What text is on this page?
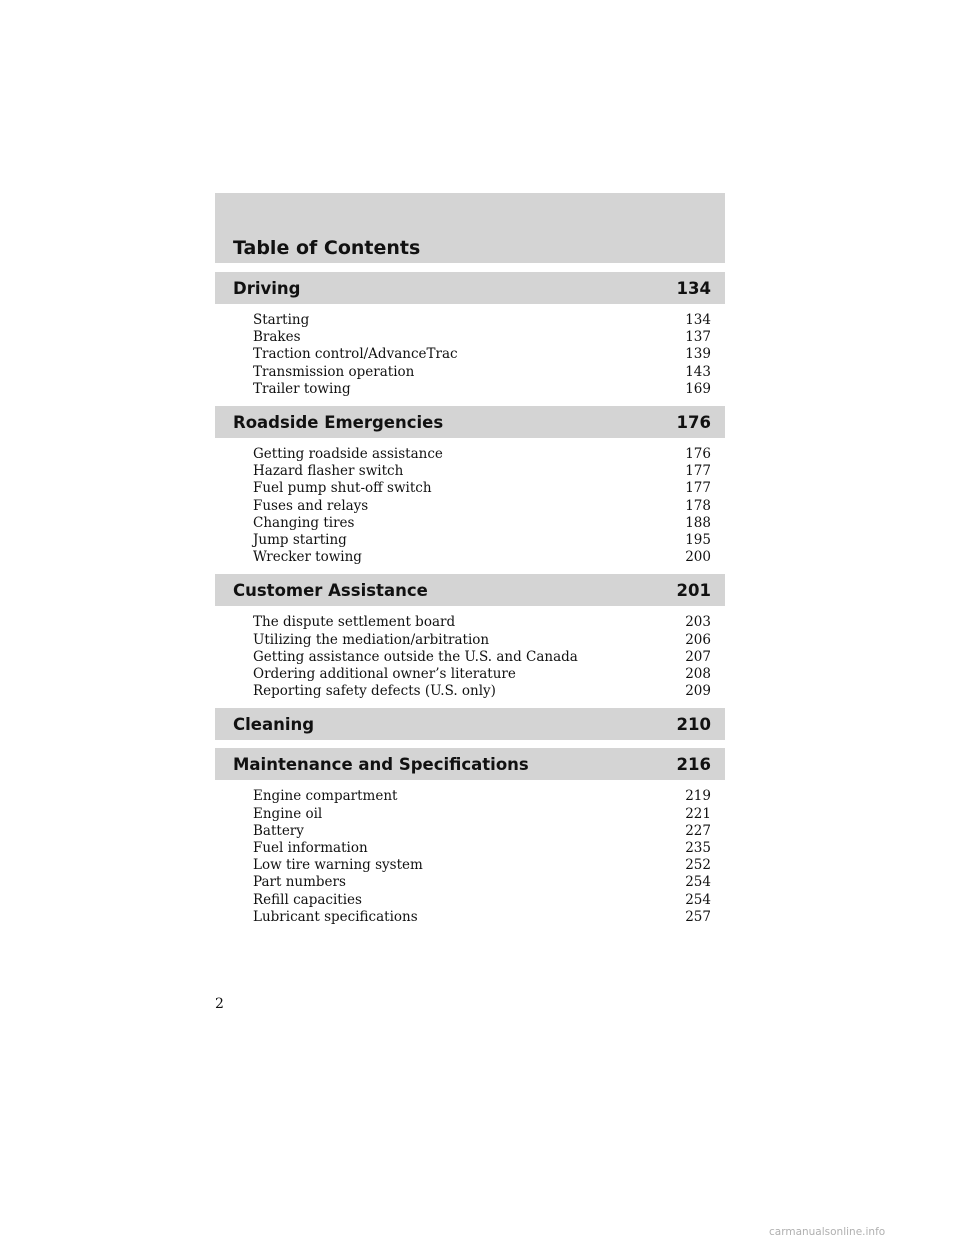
Table of Contents
Driving	134
Starting	134
Brakes	137
Traction control/AdvanceTrac	139
Transmission operation	143
Trailer towing	169
Roadside Emergencies	176
Getting roadside assistance	176
Hazard flasher switch	177
Fuel pump shut-off switch	177
Fuses and relays	178
Changing tires	188
Jump starting	195
Wrecker towing	200
Customer Assistance	201
The dispute settlement board	203
Utilizing the mediation/arbitration	206
Getting assistance outside the U.S. and Canada	207
Ordering additional owner’s literature	208
Reporting safety defects (U.S. only)	209
Cleaning	210
Maintenance and Specifications	216
Engine compartment	219
Engine oil	221
Battery	227
Fuel information	235
Low tire warning system	252
Part numbers	254
Refill capacities	254
Lubricant specifications	257
2
carmanualsonline.info
